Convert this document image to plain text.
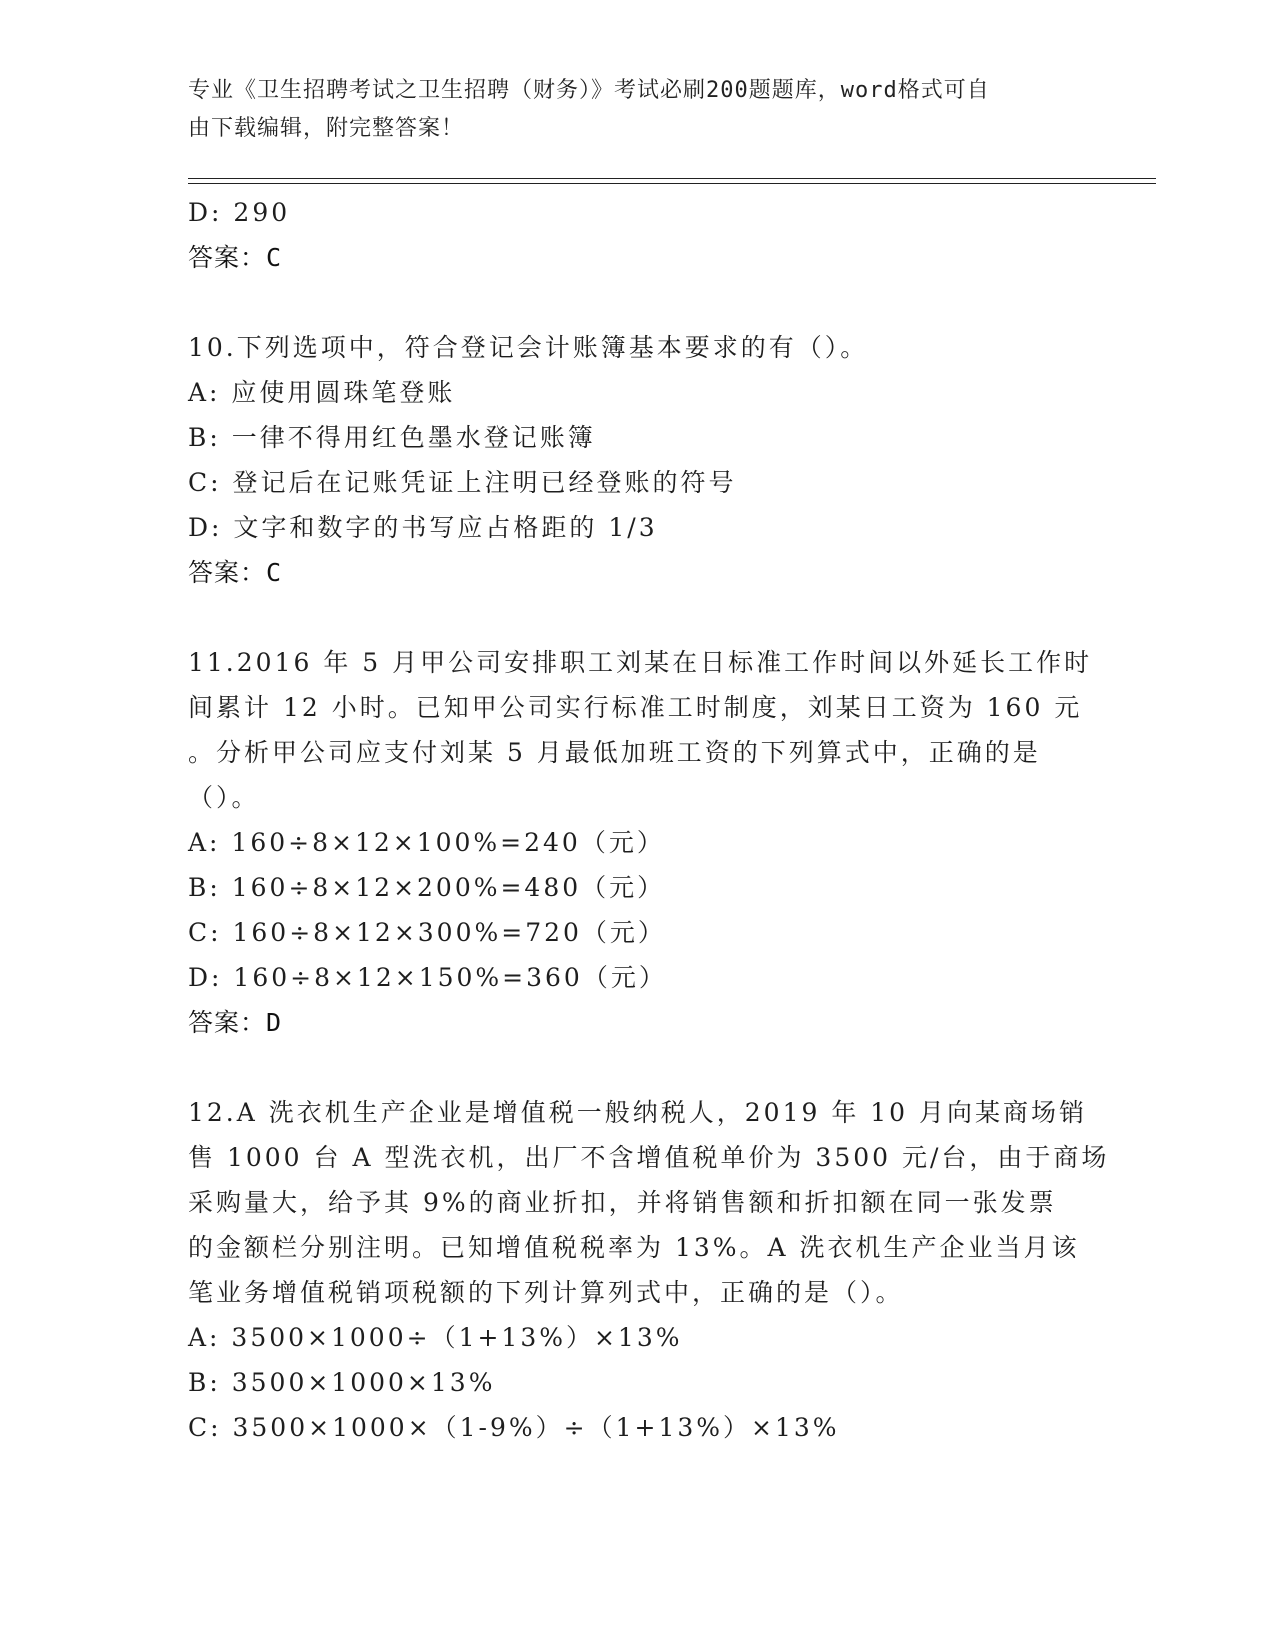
专业《卫生招聘考试之卫生招聘（财务）》考试必刷200题题库，word格式可自
由下载编辑，附完整答案！
D: 290
答案：C
10.下列选项中，符合登记会计账簿基本要求的有（）。
A: 应使用圆珠笔登账
B: 一律不得用红色墨水登记账簿
C: 登记后在记账凭证上注明已经登账的符号
D: 文字和数字的书写应占格距的 1/3
答案：C
11.2016 年 5 月甲公司安排职工刘某在日标准工作时间以外延长工作时
间累计 12 小时。已知甲公司实行标准工时制度，刘某日工资为 160 元
。分析甲公司应支付刘某 5 月最低加班工资的下列算式中，正确的是
（）。
A: 160÷8×12×100%=240（元）
B: 160÷8×12×200%=480（元）
C: 160÷8×12×300%=720（元）
D: 160÷8×12×150%=360（元）
答案：D
12.A 洗衣机生产企业是增值税一般纳税人，2019 年 10 月向某商场销
售 1000 台 A 型洗衣机，出厂不含增值税单价为 3500 元/台，由于商场
采购量大，给予其 9%的商业折扣，并将销售额和折扣额在同一张发票
的金额栏分别注明。已知增值税税率为 13%。A 洗衣机生产企业当月该
笔业务增值税销项税额的下列计算列式中，正确的是（）。
A: 3500×1000÷（1+13%）×13%
B: 3500×1000×13%
C: 3500×1000×（1-9%）÷（1+13%）×13%
